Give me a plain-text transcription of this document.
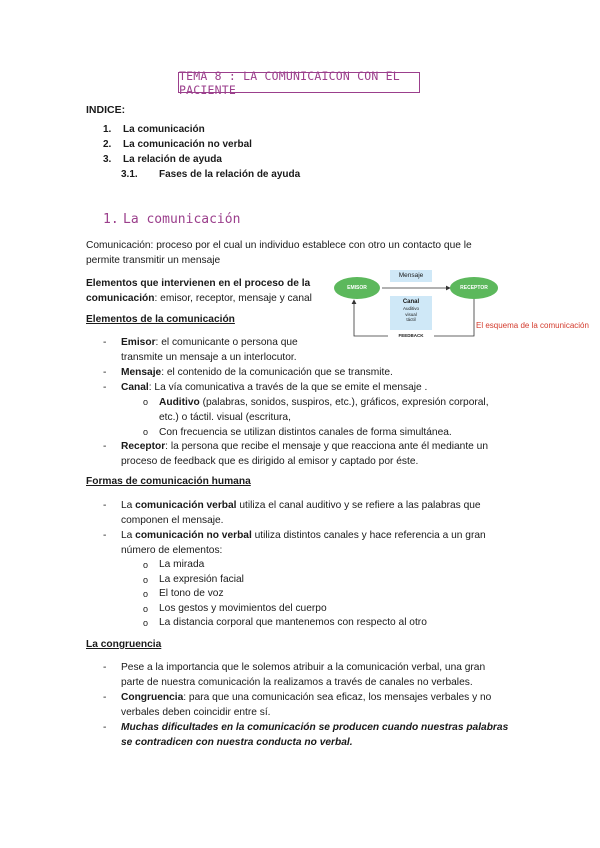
TEMA 8 : LA COMUNICAICON CON EL PACIENTE
INDICE:
1. La comunicación
2. La comunicación no verbal
3. La relación de ayuda
3.1. Fases de la relación de ayuda
1. La comunicación
Comunicación: proceso por el cual un individuo establece con otro un contacto que le permite transmitir un mensaje
Elementos que intervienen en el proceso de la comunicación: emisor, receptor, mensaje y canal
EMISOR	RECEPTOR
Mensaje
Canal
Auditivo
visual
táctil
FEEDBACK
El esquema de la comunicación
Elementos de la comunicación
- Emisor: el comunicante o persona que transmite un mensaje a un interlocutor.
- Mensaje: el contenido de la comunicación que se transmite.
- Canal: La vía comunicativa a través de la que se emite el mensaje .
o Auditivo (palabras, sonidos, suspiros, etc.), gráficos, expresión corporal, etc.) o táctil. visual (escritura,
o Con frecuencia se utilizan distintos canales de forma simultánea.
- Receptor: la persona que recibe el mensaje y que reacciona ante él mediante un proceso de feedback que es dirigido al emisor y captado por éste.
Formas de comunicación humana
- La comunicación verbal utiliza el canal auditivo y se refiere a las palabras que componen el mensaje.
- La comunicación no verbal utiliza distintos canales y hace referencia a un gran número de elementos:
o La mirada
o La expresión facial
o El tono de voz
o Los gestos y movimientos del cuerpo
o La distancia corporal que mantenemos con respecto al otro
La congruencia
- Pese a la importancia que le solemos atribuir a la comunicación verbal, una gran parte de nuestra comunicación la realizamos a través de canales no verbales.
- Congruencia: para que una comunicación sea eficaz, los mensajes verbales y no verbales deben coincidir entre sí.
- Muchas dificultades en la comunicación se producen cuando nuestras palabras se contradicen con nuestra conducta no verbal.
